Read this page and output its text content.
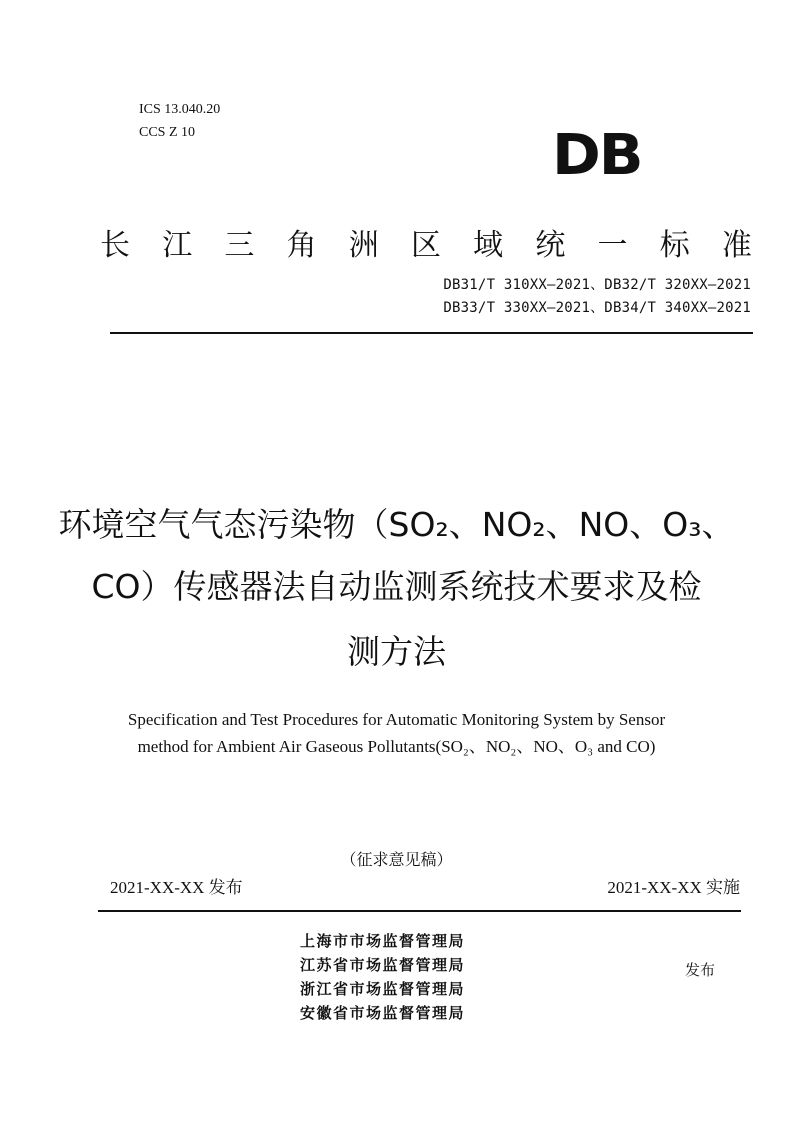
ICS 13.040.20
CCS Z 10	DB
长 江 三 角 洲 区 域 统 一 标 准
DB31/T 310XX—2021、DB32/T 320XX—2021
DB33/T 330XX—2021、DB34/T 340XX—2021
环境空气气态污染物（SO₂、NO₂、NO、O₃、
CO）传感器法自动监测系统技术要求及检
测方法
Specification and Test Procedures for Automatic Monitoring System by Sensor
method for Ambient Air Gaseous Pollutants(SO₂、NO₂、NO、O₃ and CO)
（征求意见稿）
2021-XX-XX 发布	2021-XX-XX 实施
上海市市场监督管理局
江苏省市场监督管理局
浙江省市场监督管理局
安徽省市场监督管理局
发布
